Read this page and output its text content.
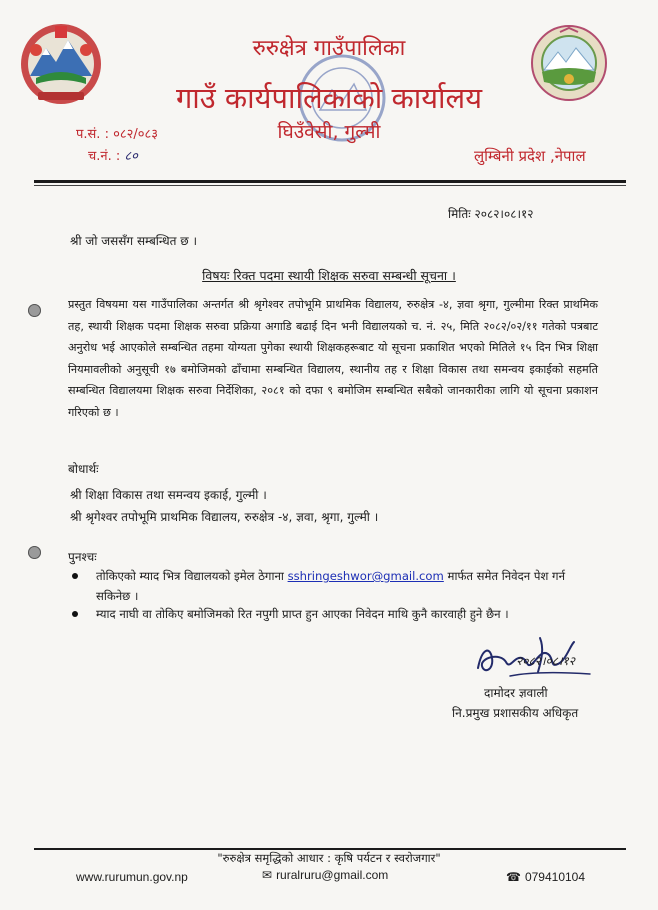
रुरुक्षेत्र गाउँपालिका
गाउँ कार्यपालिकाको कार्यालय
घिउँवेसी, गुल्मी
प.सं. : ०८२/०८३
च.नं. : ८०	लुम्बिनी प्रदेश ,नेपाल
मितिः २०८२।०८।१२
श्री जो जससँग सम्बन्धित छ ।
विषयः रिक्त पदमा स्थायी शिक्षक सरुवा सम्बन्धी सूचना ।
प्रस्तुत विषयमा यस गाउँपालिका अन्तर्गत श्री श्रृगेश्वर तपोभूमि प्राथमिक विद्यालय, रुरुक्षेत्र -४, ज्ञवा श्रृगा, गुल्मीमा रिक्त प्राथमिक तह, स्थायी शिक्षक पदमा शिक्षक सरुवा प्रक्रिया अगाडि बढाई दिन भनी विद्यालयको च. नं. २५, मिति २०८२/०२/११ गतेको पत्रबाट अनुरोध भई आएकोले सम्बन्धित तहमा योग्यता पुगेका स्थायी शिक्षकहरूबाट यो सूचना प्रकाशित भएको मितिले १५ दिन भित्र शिक्षा नियमावलीको अनुसूची १७ बमोजिमको ढाँचामा सम्बन्धित विद्यालय, स्थानीय तह र शिक्षा विकास तथा समन्वय इकाईको सहमति सम्बन्धित विद्यालयमा शिक्षक सरुवा निर्देशिका, २०८१ को दफा ९ बमोजिम सम्बन्धित सबैको जानकारीका लागि यो सूचना प्रकाशन गरिएको छ ।
बोधार्थः
श्री शिक्षा विकास तथा समन्वय इकाई, गुल्मी ।
श्री श्रृगेश्वर तपोभूमि प्राथमिक विद्यालय, रुरुक्षेत्र -४, ज्ञवा, श्रृगा, गुल्मी ।
पुनश्चः
तोकिएको म्याद भित्र विद्यालयको इमेल ठेगाना sshringeshwor@gmail.com मार्फत समेत निवेदन पेश गर्न सकिनेछ ।
म्याद नाघी वा तोकिए बमोजिमको रित नपुगी प्राप्त हुन आएका निवेदन माथि कुनै कारवाही हुने छैन ।
२०८२।०८।१२
दामोदर ज्ञवाली
नि.प्रमुख प्रशासकीय अधिकृत
"रुरुक्षेत्र समृद्धिको आधार : कृषि पर्यटन र स्वरोजगार"
www.rurumun.gov.np	✉ ruralruru@gmail.com	☎ 079410104
